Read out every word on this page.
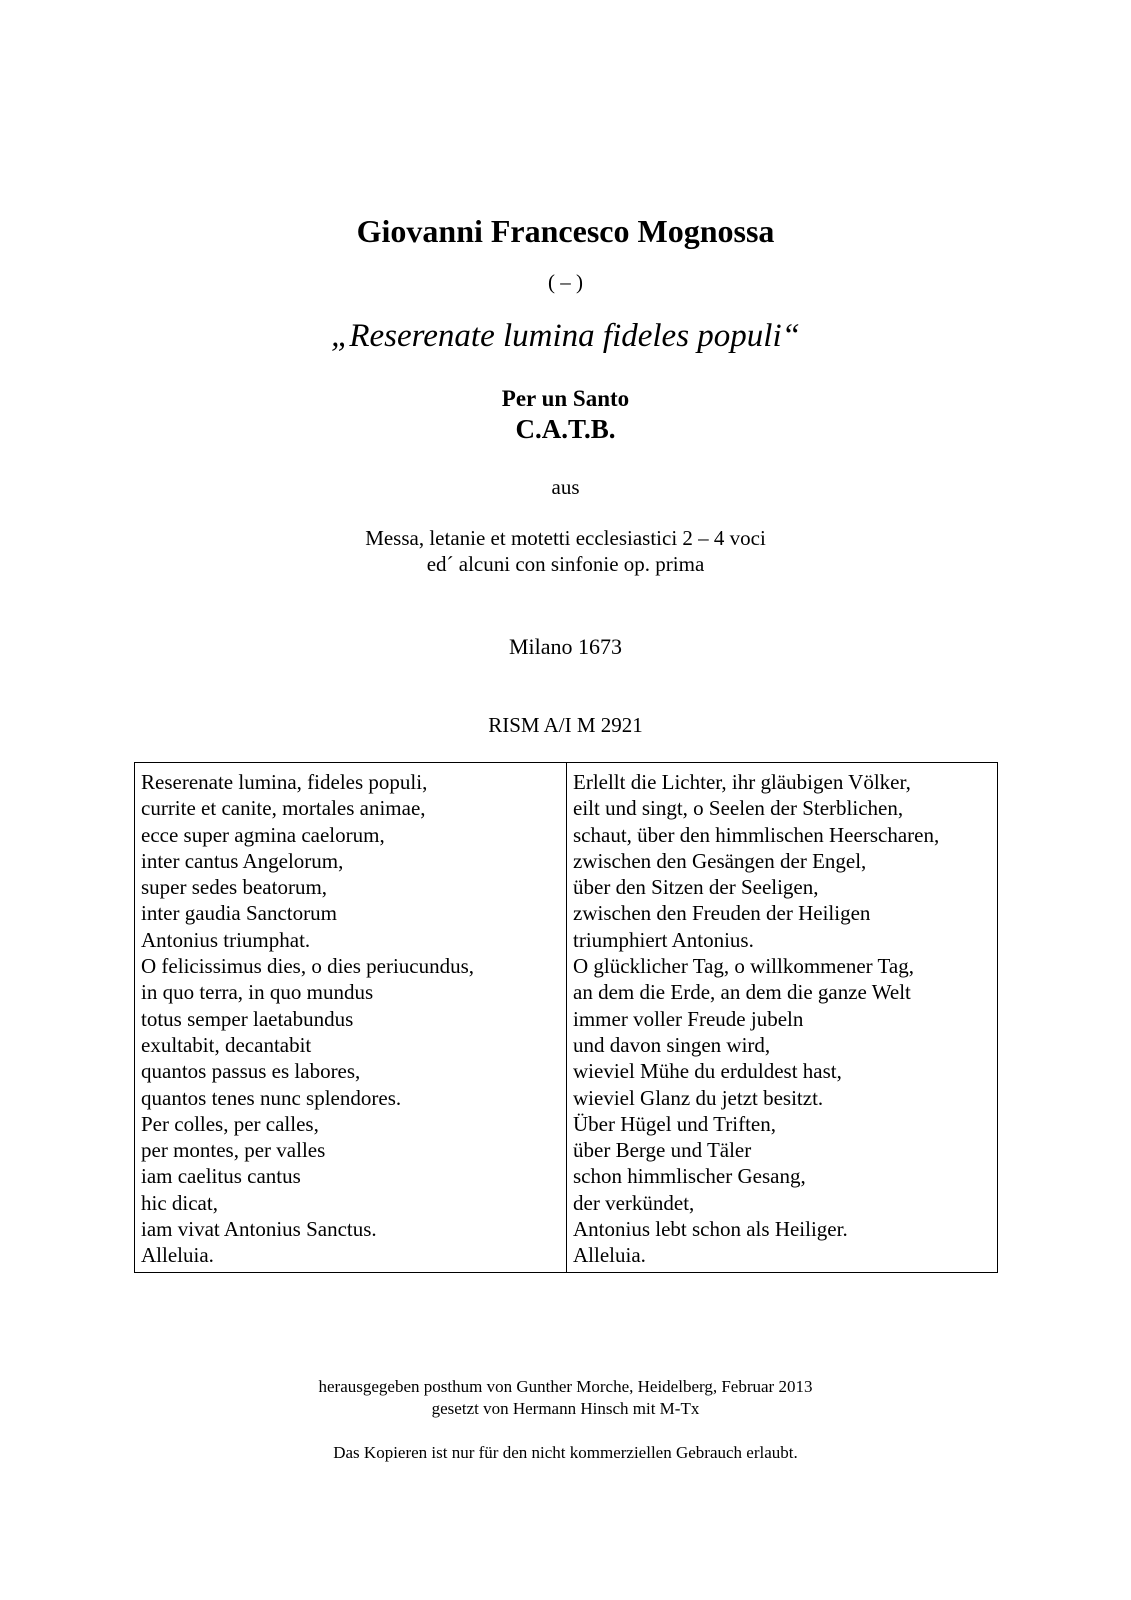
Giovanni Francesco Mognossa
( – )
„Reserenate lumina fideles populi“
Per un Santo
C.A.T.B.
aus
Messa, letanie et motetti ecclesiastici 2 – 4 voci
ed´ alcuni con sinfonie op. prima
Milano 1673
RISM A/I M 2921
Reserenate lumina, fideles populi,
currite et canite, mortales animae,
ecce super agmina caelorum,
inter cantus Angelorum,
super sedes beatorum,
inter gaudia Sanctorum
Antonius triumphat.
O felicissimus dies, o dies periucundus,
in quo terra, in quo mundus
totus semper laetabundus
exultabit, decantabit
quantos passus es labores,
quantos tenes nunc splendores.
Per colles, per calles,
per montes, per valles
iam caelitus cantus
hic dicat,
iam vivat Antonius Sanctus.
Alleluia.
Erlellt die Lichter, ihr gläubigen Völker,
eilt und singt, o Seelen der Sterblichen,
schaut, über den himmlischen Heerscharen,
zwischen den Gesängen der Engel,
über den Sitzen der Seeligen,
zwischen den Freuden der Heiligen
triumphiert Antonius.
O glücklicher Tag, o willkommener Tag,
an dem die Erde, an dem die ganze Welt
immer voller Freude jubeln
und davon singen wird,
wieviel Mühe du erduldest hast,
wieviel Glanz du jetzt besitzt.
Über Hügel und Triften,
über Berge und Täler
schon himmlischer Gesang,
der verkündet,
Antonius lebt schon als Heiliger.
Alleluia.
herausgegeben posthum von Gunther Morche, Heidelberg, Februar 2013
gesetzt von Hermann Hinsch mit M-Tx
Das Kopieren ist nur für den nicht kommerziellen Gebrauch erlaubt.
